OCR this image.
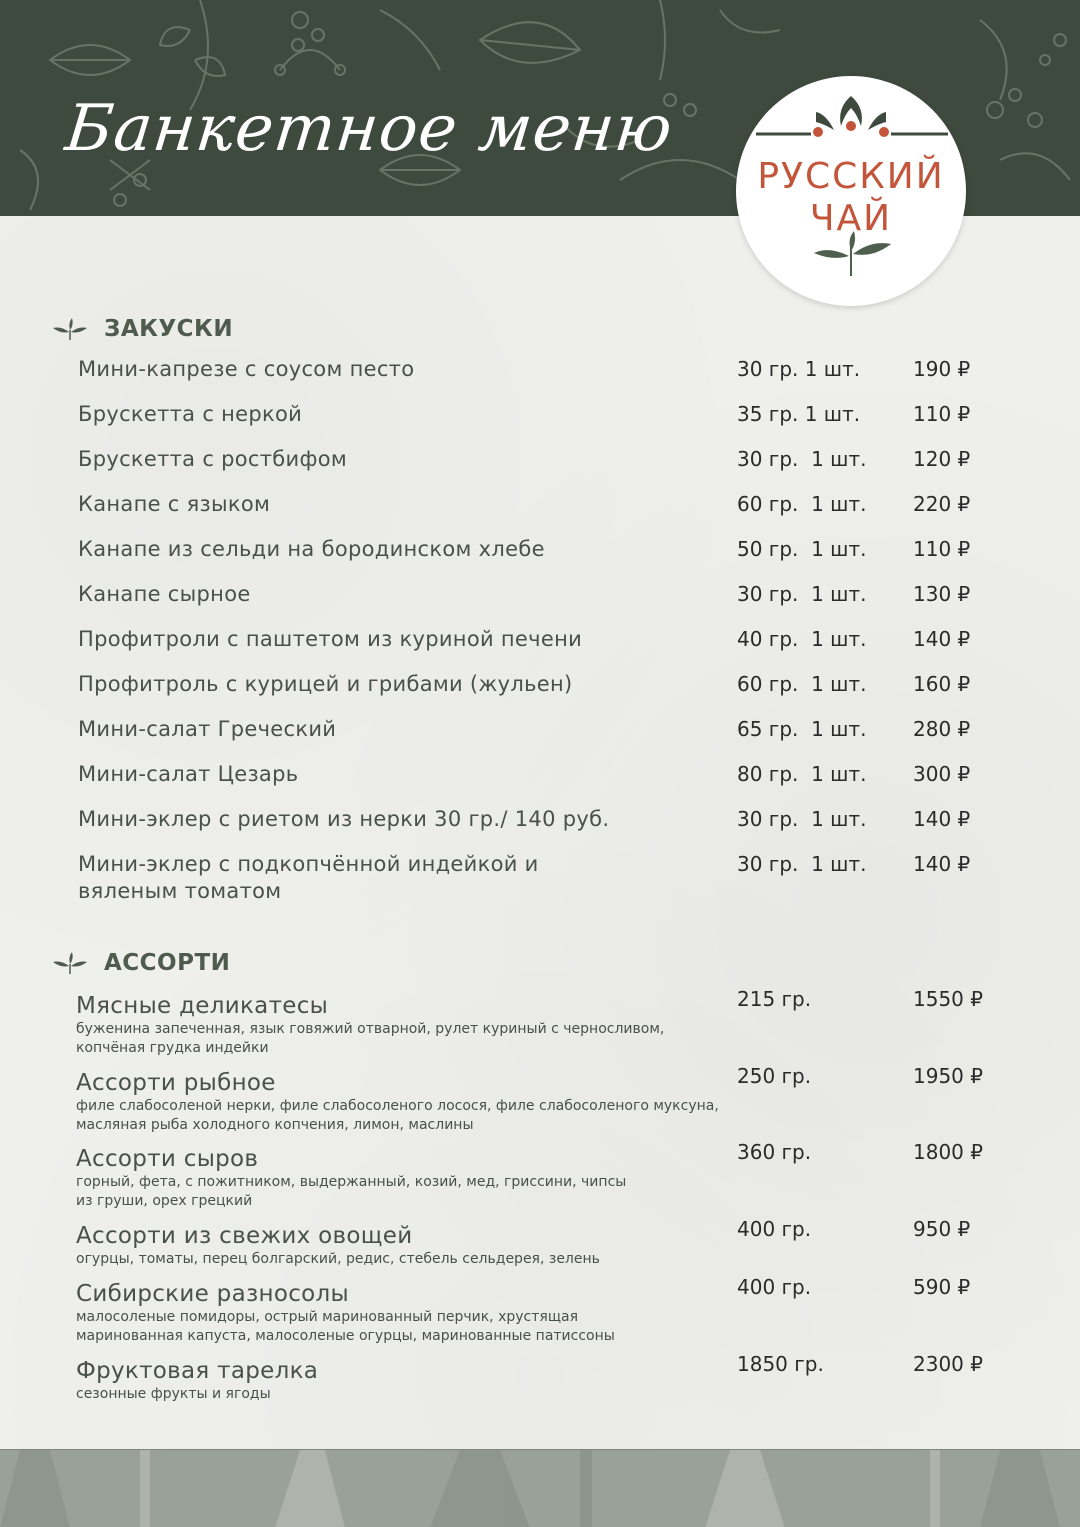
Банкетное меню
РУССКИЙ
ЧАЙ
ЗАКУСКИ
Мини-капрезе с соусом песто	30 гр. 1 шт.	190 ₽
Брускетта с неркой	35 гр. 1 шт.	110 ₽
Брускетта с ростбифом	30 гр.  1 шт. 120 ₽
Канапе с языком	60 гр.  1 шт. 220 ₽
Канапе из сельди на бородинском хлебе	50 гр.  1 шт. 110 ₽
Канапе сырное	30 гр.  1 шт. 130 ₽
Профитроли с паштетом из куриной печени	40 гр.  1 шт. 140 ₽
Профитроль с курицей и грибами (жульен)	60 гр.  1 шт. 160 ₽
Мини-салат Греческий	65 гр.  1 шт. 280 ₽
Мини-салат Цезарь	80 гр.  1 шт. 300 ₽
Мини-эклер с риетом из нерки 30 гр./ 140 руб.	30 гр.  1 шт. 140 ₽
Мини-эклер с подкопчённой индейкой и вяленым томатом
30 гр.  1 шт. 140 ₽
АССОРТИ
Мясные деликатесы
буженина запеченная, язык говяжий отварной, рулет куриный с черносливом, копчёная грудка индейки
215 гр.	1550 ₽
Ассорти рыбное
филе слабосоленой нерки, филе слабосоленого лосося, филе слабосоленого муксуна, масляная рыба холодного копчения, лимон, маслины
250 гр.	1950 ₽
Ассорти сыров
горный, фета, с пожитником, выдержанный, козий, мед, гриссини, чипсы из груши, орех грецкий
360 гр.	1800 ₽
Ассорти из свежих овощей
огурцы, томаты, перец болгарский, редис, стебель сельдерея, зелень
400 гр.	950 ₽
Сибирские разносолы
малосоленые помидоры, острый маринованный перчик, хрустящая маринованная капуста, малосоленые огурцы, маринованные патиссоны
400 гр.	590 ₽
Фруктовая тарелка
сезонные фрукты и ягоды
1850 гр.	2300 ₽
